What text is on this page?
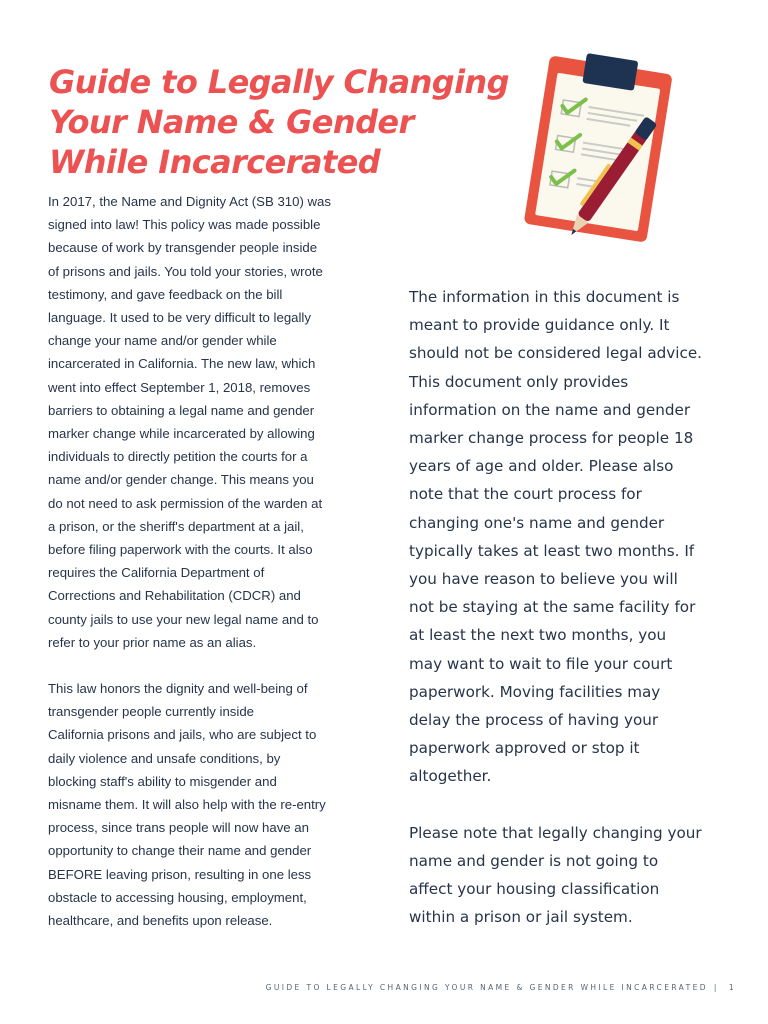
Guide to Legally Changing
Your Name & Gender
While Incarcerated

In 2017, the Name and Dignity Act (SB 310) was
signed into law! This policy was made possible
because of work by transgender people inside
of prisons and jails. You told your stories, wrote
testimony, and gave feedback on the bill
language. It used to be very difficult to legally
change your name and/or gender while
incarcerated in California. The new law, which
went into effect September 1, 2018, removes
barriers to obtaining a legal name and gender
marker change while incarcerated by allowing
individuals to directly petition the courts for a
name and/or gender change. This means you
do not need to ask permission of the warden at
a prison, or the sheriff's department at a jail,
before filing paperwork with the courts. It also
requires the California Department of
Corrections and Rehabilitation (CDCR) and
county jails to use your new legal name and to
refer to your prior name as an alias.

This law honors the dignity and well-being of
transgender people currently inside
California prisons and jails, who are subject to
daily violence and unsafe conditions, by
blocking staff's ability to misgender and
misname them. It will also help with the re-entry
process, since trans people will now have an
opportunity to change their name and gender
BEFORE leaving prison, resulting in one less
obstacle to accessing housing, employment,
healthcare, and benefits upon release.

The information in this document is
meant to provide guidance only. It
should not be considered legal advice.
This document only provides
information on the name and gender
marker change process for people 18
years of age and older. Please also
note that the court process for
changing one's name and gender
typically takes at least two months. If
you have reason to believe you will
not be staying at the same facility for
at least the next two months, you
may want to wait to file your court
paperwork. Moving facilities may
delay the process of having your
paperwork approved or stop it
altogether.

Please note that legally changing your
name and gender is not going to
affect your housing classification
within a prison or jail system.

GUIDE TO LEGALLY CHANGING YOUR NAME & GENDER WHILE INCARCERATED | 1
